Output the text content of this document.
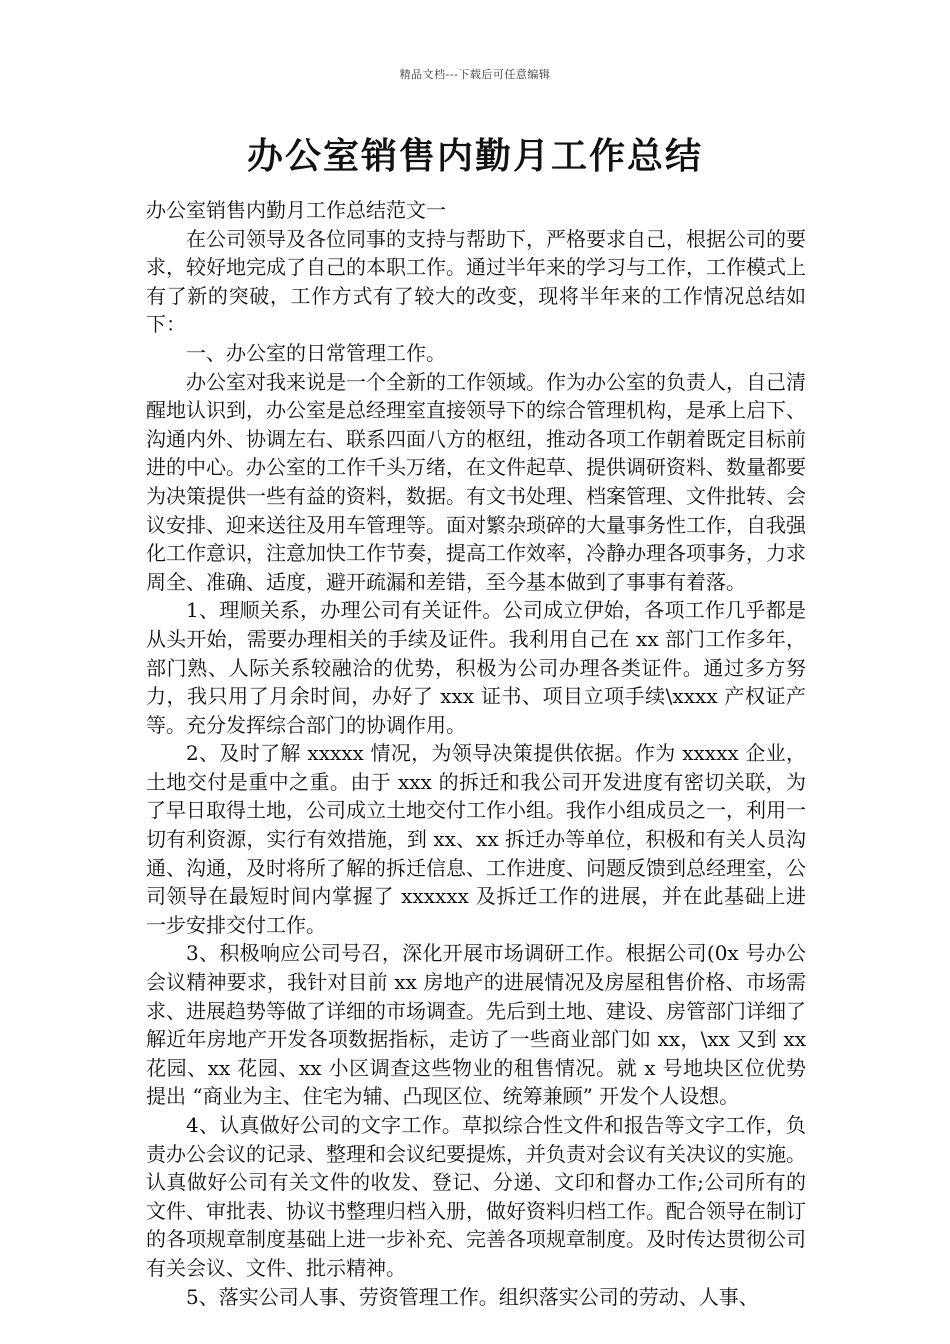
精品文档---下载后可任意编辑
办公室销售内勤月工作总结

办公室销售内勤月工作总结范文一

在公司领导及各位同事的支持与帮助下，严格要求自己，根据公司的要求，较好地完成了自己的本职工作。通过半年来的学习与工作，工作模式上有了新的突破，工作方式有了较大的改变，现将半年来的工作情况总结如下：

一、办公室的日常管理工作。

办公室对我来说是一个全新的工作领域。作为办公室的负责人，自己清醒地认识到，办公室是总经理室直接领导下的综合管理机构，是承上启下、沟通内外、协调左右、联系四面八方的枢纽，推动各项工作朝着既定目标前进的中心。办公室的工作千头万绪，在文件起草、提供调研资料、数量都要为决策提供一些有益的资料，数据。有文书处理、档案管理、文件批转、会议安排、迎来送往及用车管理等。面对繁杂琐碎的大量事务性工作，自我强化工作意识，注意加快工作节奏，提高工作效率，冷静办理各项事务，力求周全、准确、适度，避开疏漏和差错，至今基本做到了事事有着落。

1、理顺关系，办理公司有关证件。公司成立伊始，各项工作几乎都是从头开始，需要办理相关的手续及证件。我利用自己在 xx 部门工作多年，部门熟、人际关系较融洽的优势，积极为公司办理各类证件。通过多方努力，我只用了月余时间，办好了 xxx 证书、项目立项手续\xxxx 产权证产等。充分发挥综合部门的协调作用。

2、及时了解 xxxxx 情况，为领导决策提供依据。作为 xxxxx 企业，土地交付是重中之重。由于 xxx 的拆迁和我公司开发进度有密切关联，为了早日取得土地，公司成立土地交付工作小组。我作小组成员之一，利用一切有利资源，实行有效措施，到 xx、xx 拆迁办等单位，积极和有关人员沟通、沟通，及时将所了解的拆迁信息、工作进度、问题反馈到总经理室，公司领导在最短时间内掌握了 xxxxxx 及拆迁工作的进展，并在此基础上进一步安排交付工作。

3、积极响应公司号召，深化开展市场调研工作。根据公司(0x 号办公会议精神要求，我针对目前 xx 房地产的进展情况及房屋租售价格、市场需求、进展趋势等做了详细的市场调查。先后到土地、建设、房管部门详细了解近年房地产开发各项数据指标，走访了一些商业部门如 xx，\xx 又到 xx 花园、xx 花园、xx 小区调查这些物业的租售情况。就 x 号地块区位优势提出 “商业为主、住宅为辅、凸现区位、统筹兼顾” 开发个人设想。

4、认真做好公司的文字工作。草拟综合性文件和报告等文字工作，负责办公会议的记录、整理和会议纪要提炼，并负责对会议有关决议的实施。认真做好公司有关文件的收发、登记、分递、文印和督办工作;公司所有的文件、审批表、协议书整理归档入册，做好资料归档工作。配合领导在制订的各项规章制度基础上进一步补充、完善各项规章制度。及时传达贯彻公司有关会议、文件、批示精神。

5、落实公司人事、劳资管理工作。组织落实公司的劳动、人事、
